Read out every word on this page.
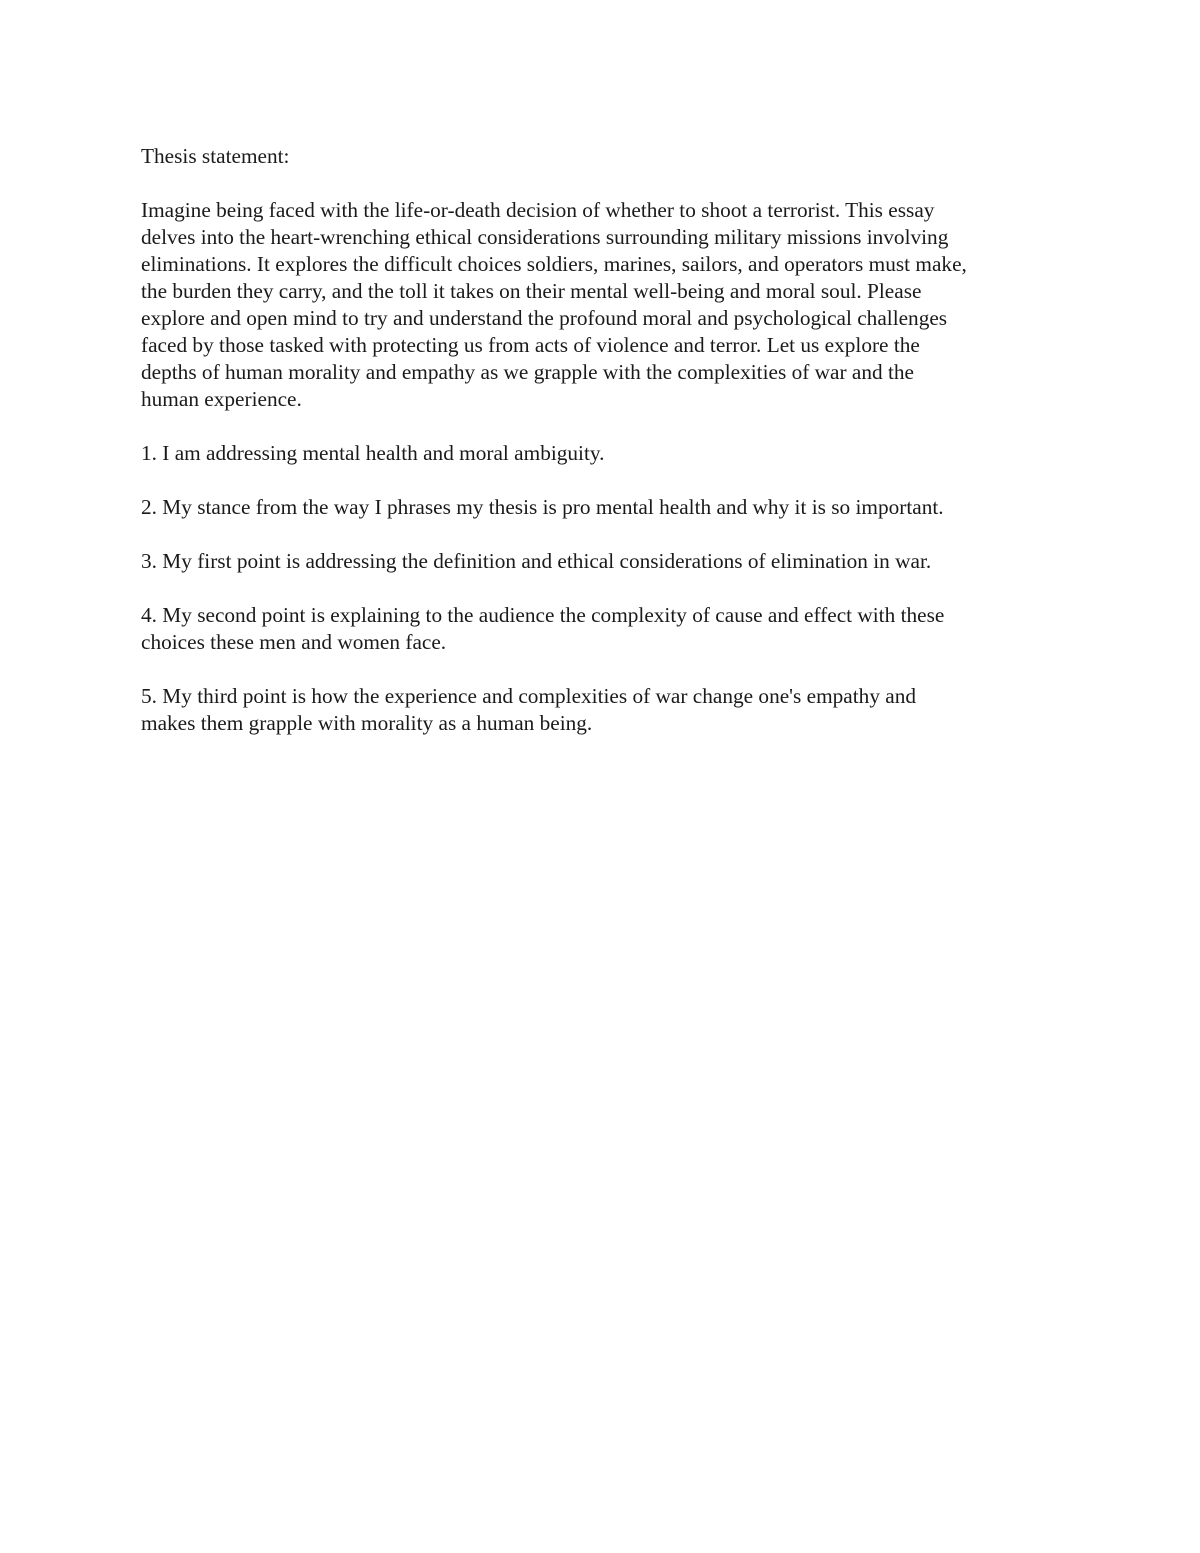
Thesis statement:

Imagine being faced with the life-or-death decision of whether to shoot a terrorist. This essay
delves into the heart-wrenching ethical considerations surrounding military missions involving
eliminations. It explores the difficult choices soldiers, marines, sailors, and operators must make,
the burden they carry, and the toll it takes on their mental well-being and moral soul. Please
explore and open mind to try and understand the profound moral and psychological challenges
faced by those tasked with protecting us from acts of violence and terror. Let us explore the
depths of human morality and empathy as we grapple with the complexities of war and the
human experience.

1. I am addressing mental health and moral ambiguity.

2. My stance from the way I phrases my thesis is pro mental health and why it is so important.

3. My first point is addressing the definition and ethical considerations of elimination in war.

4. My second point is explaining to the audience the complexity of cause and effect with these
choices these men and women face.

5. My third point is how the experience and complexities of war change one's empathy and
makes them grapple with morality as a human being.
